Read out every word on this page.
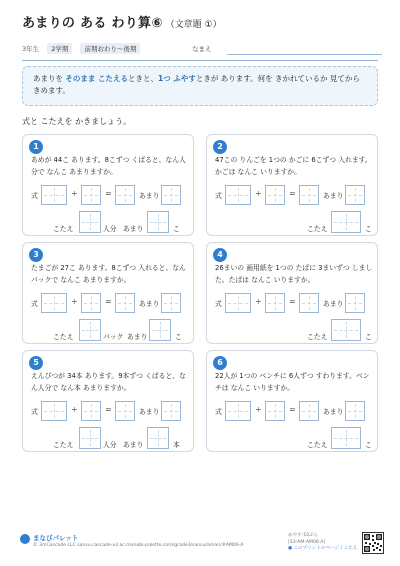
あまりの ある わり算⑥ （文章題 ①）
3年生 2学期 前期おわり〜後期	なまえ
あまりを そのまま こたえるときと、1つ ふやすときが あります。何を きかれているか 見てから きめます。
式と こたえを かきましょう。
1
あめが 44こ あります。8こずつ くばると、なん人分で なんこ あまりますか。
式	÷	=	あまり
こたえ	人分 あまり	こ
2
47この りんごを 1つの かごに 6こずつ 入れます。かごは なんこ いりますか。
式	÷	=	あまり
こたえ	こ
3
たまごが 27こ あります。8こずつ 入れると、なんパックで なんこ あまりますか。
式	÷	=	あまり
こたえ	パック あまり	こ
4
26まいの 画用紙を 1つの たばに 3まいずつ しました。たばは なんこ いりますか。
式	÷	=	あまり
こたえ	こ
5
えんぴつが 34本 あります。9本ずつ くばると、なん人分で なん本 あまりますか。
式	÷	=	あまり
こたえ	人分 あまり	本
6
22人が 1つの ベンチに 6人ずつ すわります。ベンチは なんこ いりますか。
式	÷	=	あまり
こたえ	こ
まなびパレット
© 3mCascade LLC sansu.cascade-uil.ac.manabi-palette.com/grade3/sansu/amari/#AM06-A
めやす:10ぷん
[S3-AM-AM06-A]
● このプリントのページ / こたえ
